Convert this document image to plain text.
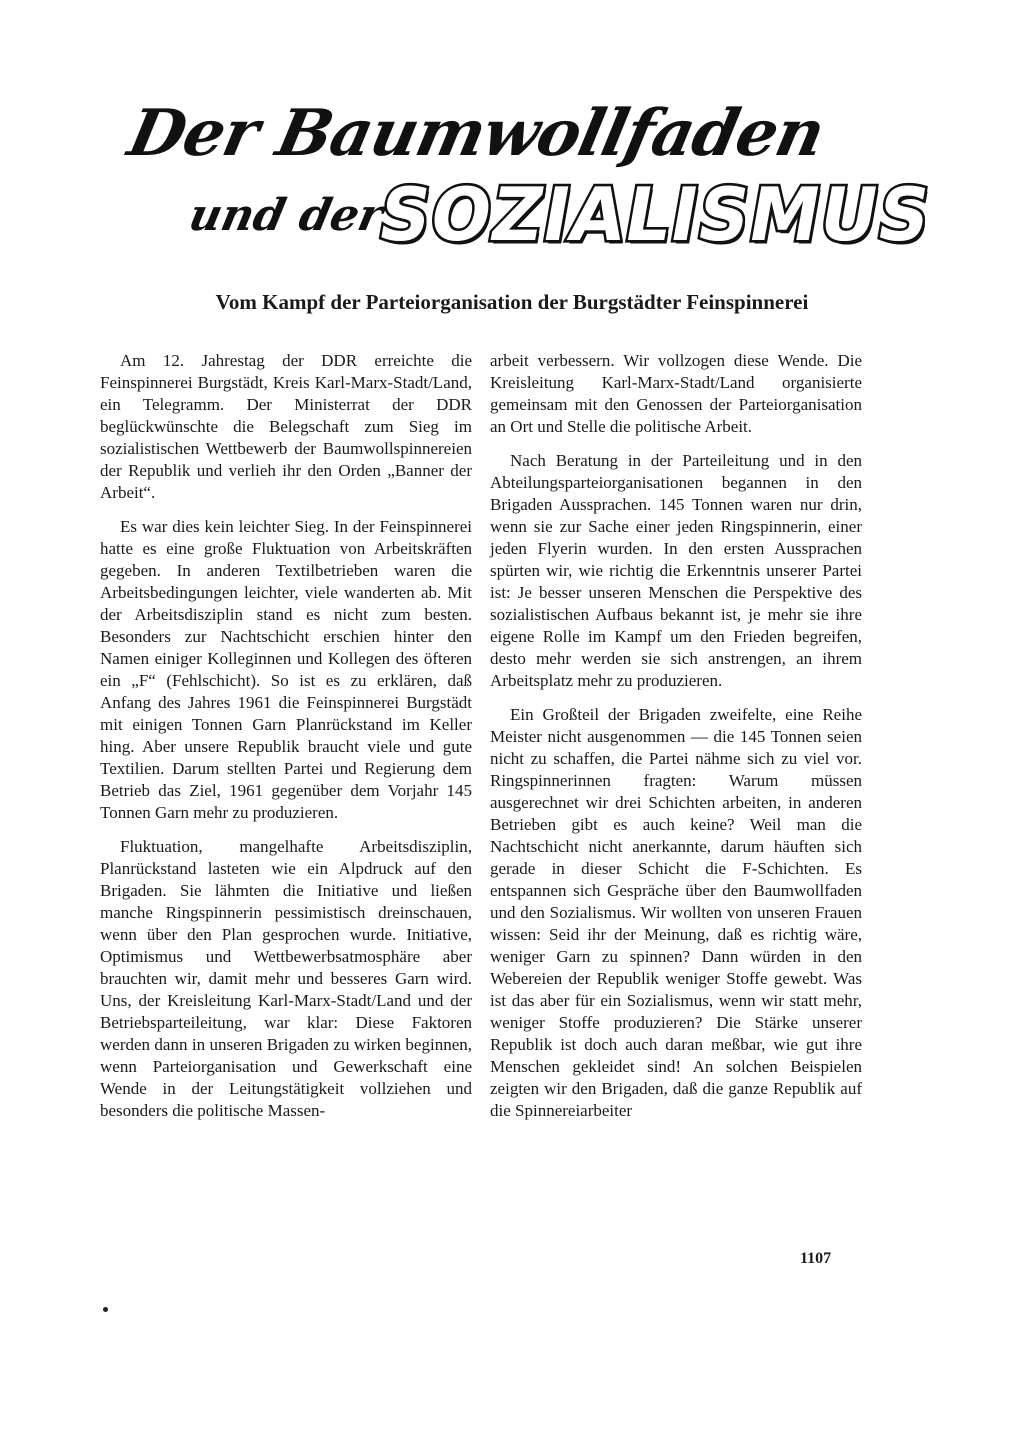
Der Baumwollfaden
und der
SOZIALISMUS
Vom Kampf der Parteiorganisation der Burgstädter Feinspinnerei

Am 12. Jahrestag der DDR erreichte die Feinspinnerei Burgstädt, Kreis Karl-Marx-Stadt/Land, ein Telegramm. Der Ministerrat der DDR beglückwünschte die Belegschaft zum Sieg im sozialistischen Wettbewerb der Baumwollspinnereien der Republik und verlieh ihr den Orden „Banner der Arbeit“.

Es war dies kein leichter Sieg. In der Feinspinnerei hatte es eine große Fluktuation von Arbeitskräften gegeben. In anderen Textilbetrieben waren die Arbeitsbedingungen leichter, viele wanderten ab. Mit der Arbeitsdisziplin stand es nicht zum besten. Besonders zur Nachtschicht erschien hinter den Namen einiger Kolleginnen und Kollegen des öfteren ein „F“ (Fehlschicht). So ist es zu erklären, daß Anfang des Jahres 1961 die Feinspinnerei Burgstädt mit einigen Tonnen Garn Planrückstand im Keller hing. Aber unsere Republik braucht viele und gute Textilien. Darum stellten Partei und Regierung dem Betrieb das Ziel, 1961 gegenüber dem Vorjahr 145 Tonnen Garn mehr zu produzieren.

Fluktuation, mangelhafte Arbeitsdisziplin, Planrückstand lasteten wie ein Alpdruck auf den Brigaden. Sie lähmten die Initiative und ließen manche Ringspinnerin pessimistisch dreinschauen, wenn über den Plan gesprochen wurde. Initiative, Optimismus und Wettbewerbsatmosphäre aber brauchten wir, damit mehr und besseres Garn wird. Uns, der Kreisleitung Karl-Marx-Stadt/Land und der Betriebsparteileitung, war klar: Diese Faktoren werden dann in unseren Brigaden zu wirken beginnen, wenn Parteiorganisation und Gewerkschaft eine Wende in der Leitungstätigkeit vollziehen und besonders die politische Massen-

arbeit verbessern. Wir vollzogen diese Wende. Die Kreisleitung Karl-Marx-Stadt/Land organisierte gemeinsam mit den Genossen der Parteiorganisation an Ort und Stelle die politische Arbeit.

Nach Beratung in der Parteileitung und in den Abteilungsparteiorganisationen begannen in den Brigaden Aussprachen. 145 Tonnen waren nur drin, wenn sie zur Sache einer jeden Ringspinnerin, einer jeden Flyerin wurden. In den ersten Aussprachen spürten wir, wie richtig die Erkenntnis unserer Partei ist: Je besser unseren Menschen die Perspektive des sozialistischen Aufbaus bekannt ist, je mehr sie ihre eigene Rolle im Kampf um den Frieden begreifen, desto mehr werden sie sich anstrengen, an ihrem Arbeitsplatz mehr zu produzieren.

Ein Großteil der Brigaden zweifelte, eine Reihe Meister nicht ausgenommen — die 145 Tonnen seien nicht zu schaffen, die Partei nähme sich zu viel vor. Ringspinnerinnen fragten: Warum müssen ausgerechnet wir drei Schichten arbeiten, in anderen Betrieben gibt es auch keine? Weil man die Nachtschicht nicht anerkannte, darum häuften sich gerade in dieser Schicht die F-Schichten. Es entspannen sich Gespräche über den Baumwollfaden und den Sozialismus. Wir wollten von unseren Frauen wissen: Seid ihr der Meinung, daß es richtig wäre, weniger Garn zu spinnen? Dann würden in den Webereien der Republik weniger Stoffe gewebt. Was ist das aber für ein Sozialismus, wenn wir statt mehr, weniger Stoffe produzieren? Die Stärke unserer Republik ist doch auch daran meßbar, wie gut ihre Menschen gekleidet sind! An solchen Beispielen zeigten wir den Brigaden, daß die ganze Republik auf die Spinnereiarbeiter

1107
